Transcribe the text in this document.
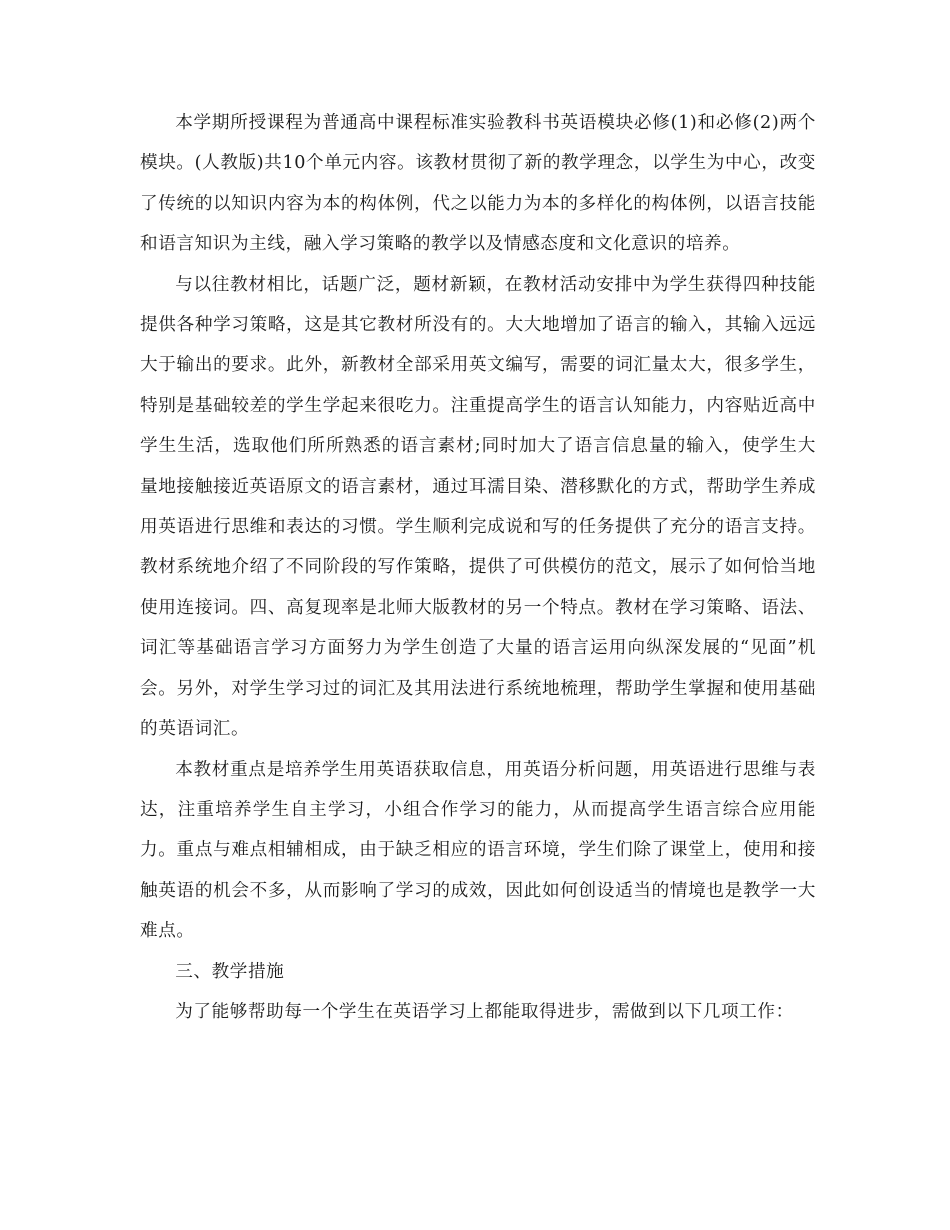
本学期所授课程为普通高中课程标准实验教科书英语模块必修(1)和必修(2)两个模块。(人教版)共10个单元内容。该教材贯彻了新的教学理念，以学生为中心，改变了传统的以知识内容为本的构体例，代之以能力为本的多样化的构体例，以语言技能和语言知识为主线，融入学习策略的教学以及情感态度和文化意识的培养。

与以往教材相比，话题广泛，题材新颖，在教材活动安排中为学生获得四种技能提供各种学习策略，这是其它教材所没有的。大大地增加了语言的输入，其输入远远大于输出的要求。此外，新教材全部采用英文编写，需要的词汇量太大，很多学生，特别是基础较差的学生学起来很吃力。注重提高学生的语言认知能力，内容贴近高中学生生活，选取他们所所熟悉的语言素材;同时加大了语言信息量的输入，使学生大量地接触接近英语原文的语言素材，通过耳濡目染、潜移默化的方式，帮助学生养成用英语进行思维和表达的习惯。学生顺利完成说和写的任务提供了充分的语言支持。教材系统地介绍了不同阶段的写作策略，提供了可供模仿的范文，展示了如何恰当地使用连接词。四、高复现率是北师大版教材的另一个特点。教材在学习策略、语法、词汇等基础语言学习方面努力为学生创造了大量的语言运用向纵深发展的“见面”机会。另外，对学生学习过的词汇及其用法进行系统地梳理，帮助学生掌握和使用基础的英语词汇。

本教材重点是培养学生用英语获取信息，用英语分析问题，用英语进行思维与表达，注重培养学生自主学习，小组合作学习的能力，从而提高学生语言综合应用能力。重点与难点相辅相成，由于缺乏相应的语言环境，学生们除了课堂上，使用和接触英语的机会不多，从而影响了学习的成效，因此如何创设适当的情境也是教学一大难点。

三、教学措施

为了能够帮助每一个学生在英语学习上都能取得进步，需做到以下几项工作：
